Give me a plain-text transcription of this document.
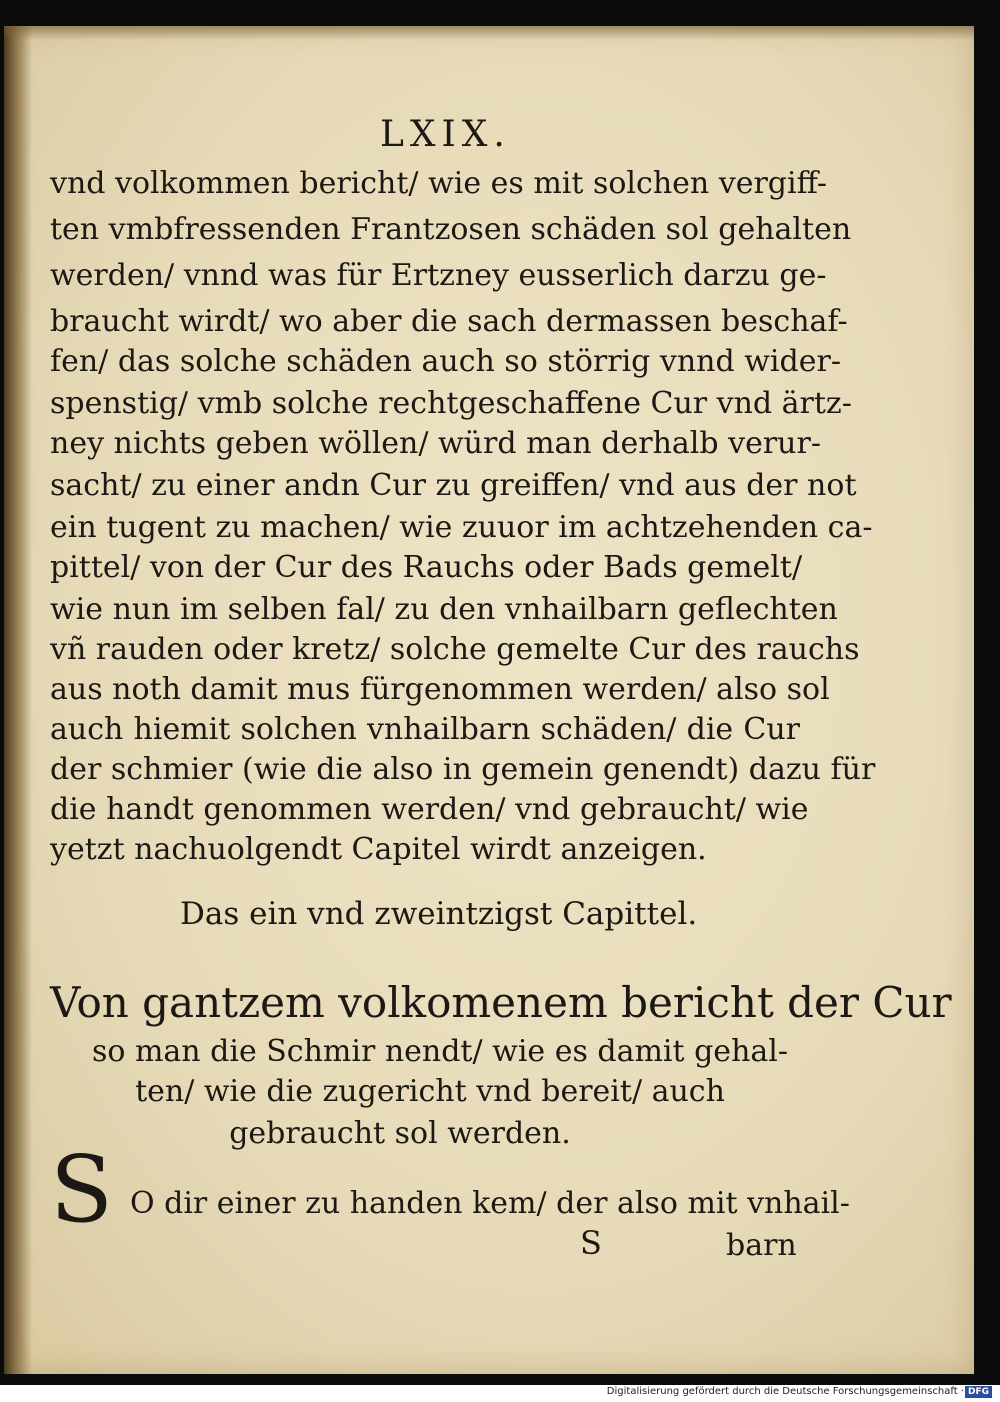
LXIX.
vnd volkommen bericht/ wie es mit solchen vergiff-
ten vmbfressenden Frantzosen schäden sol gehalten
werden/ vnnd was für Ertzney eusserlich darzu ge-
braucht wirdt/ wo aber die sach dermassen beschaf-
fen/ das solche schäden auch so störrig vnnd wider-
spenstig/ vmb solche rechtgeschaffene Cur vnd ärtz-
ney nichts geben wöllen/ würd man derhalb verur-
sacht/ zu einer andn Cur zu greiffen/ vnd aus der not
ein tugent zu machen/ wie zuuor im achtzehenden ca-
pittel/ von der Cur des Rauchs oder Bads gemelt/
wie nun im selben fal/ zu den vnhailbarn geflechten
vñ rauden oder kretz/ solche gemelte Cur des rauchs
aus noth damit mus fürgenommen werden/ also sol
auch hiemit solchen vnhailbarn schäden/ die Cur
der schmier (wie die also in gemein genendt) dazu für
die handt genommen werden/ vnd gebraucht/ wie
yetzt nachuolgendt Capitel wirdt anzeigen.
Das ein vnd zweintzigst Capittel.
Von gantzem volkomenem bericht der Cur
so man die Schmir nendt/ wie es damit gehal-
ten/ wie die zugericht vnd bereit/ auch
gebraucht sol werden.
S O dir einer zu handen kem/ der also mit vnhail-
S	barn
Digitalisierung gefördert durch die Deutsche Forschungsgemeinschaft · DFG
